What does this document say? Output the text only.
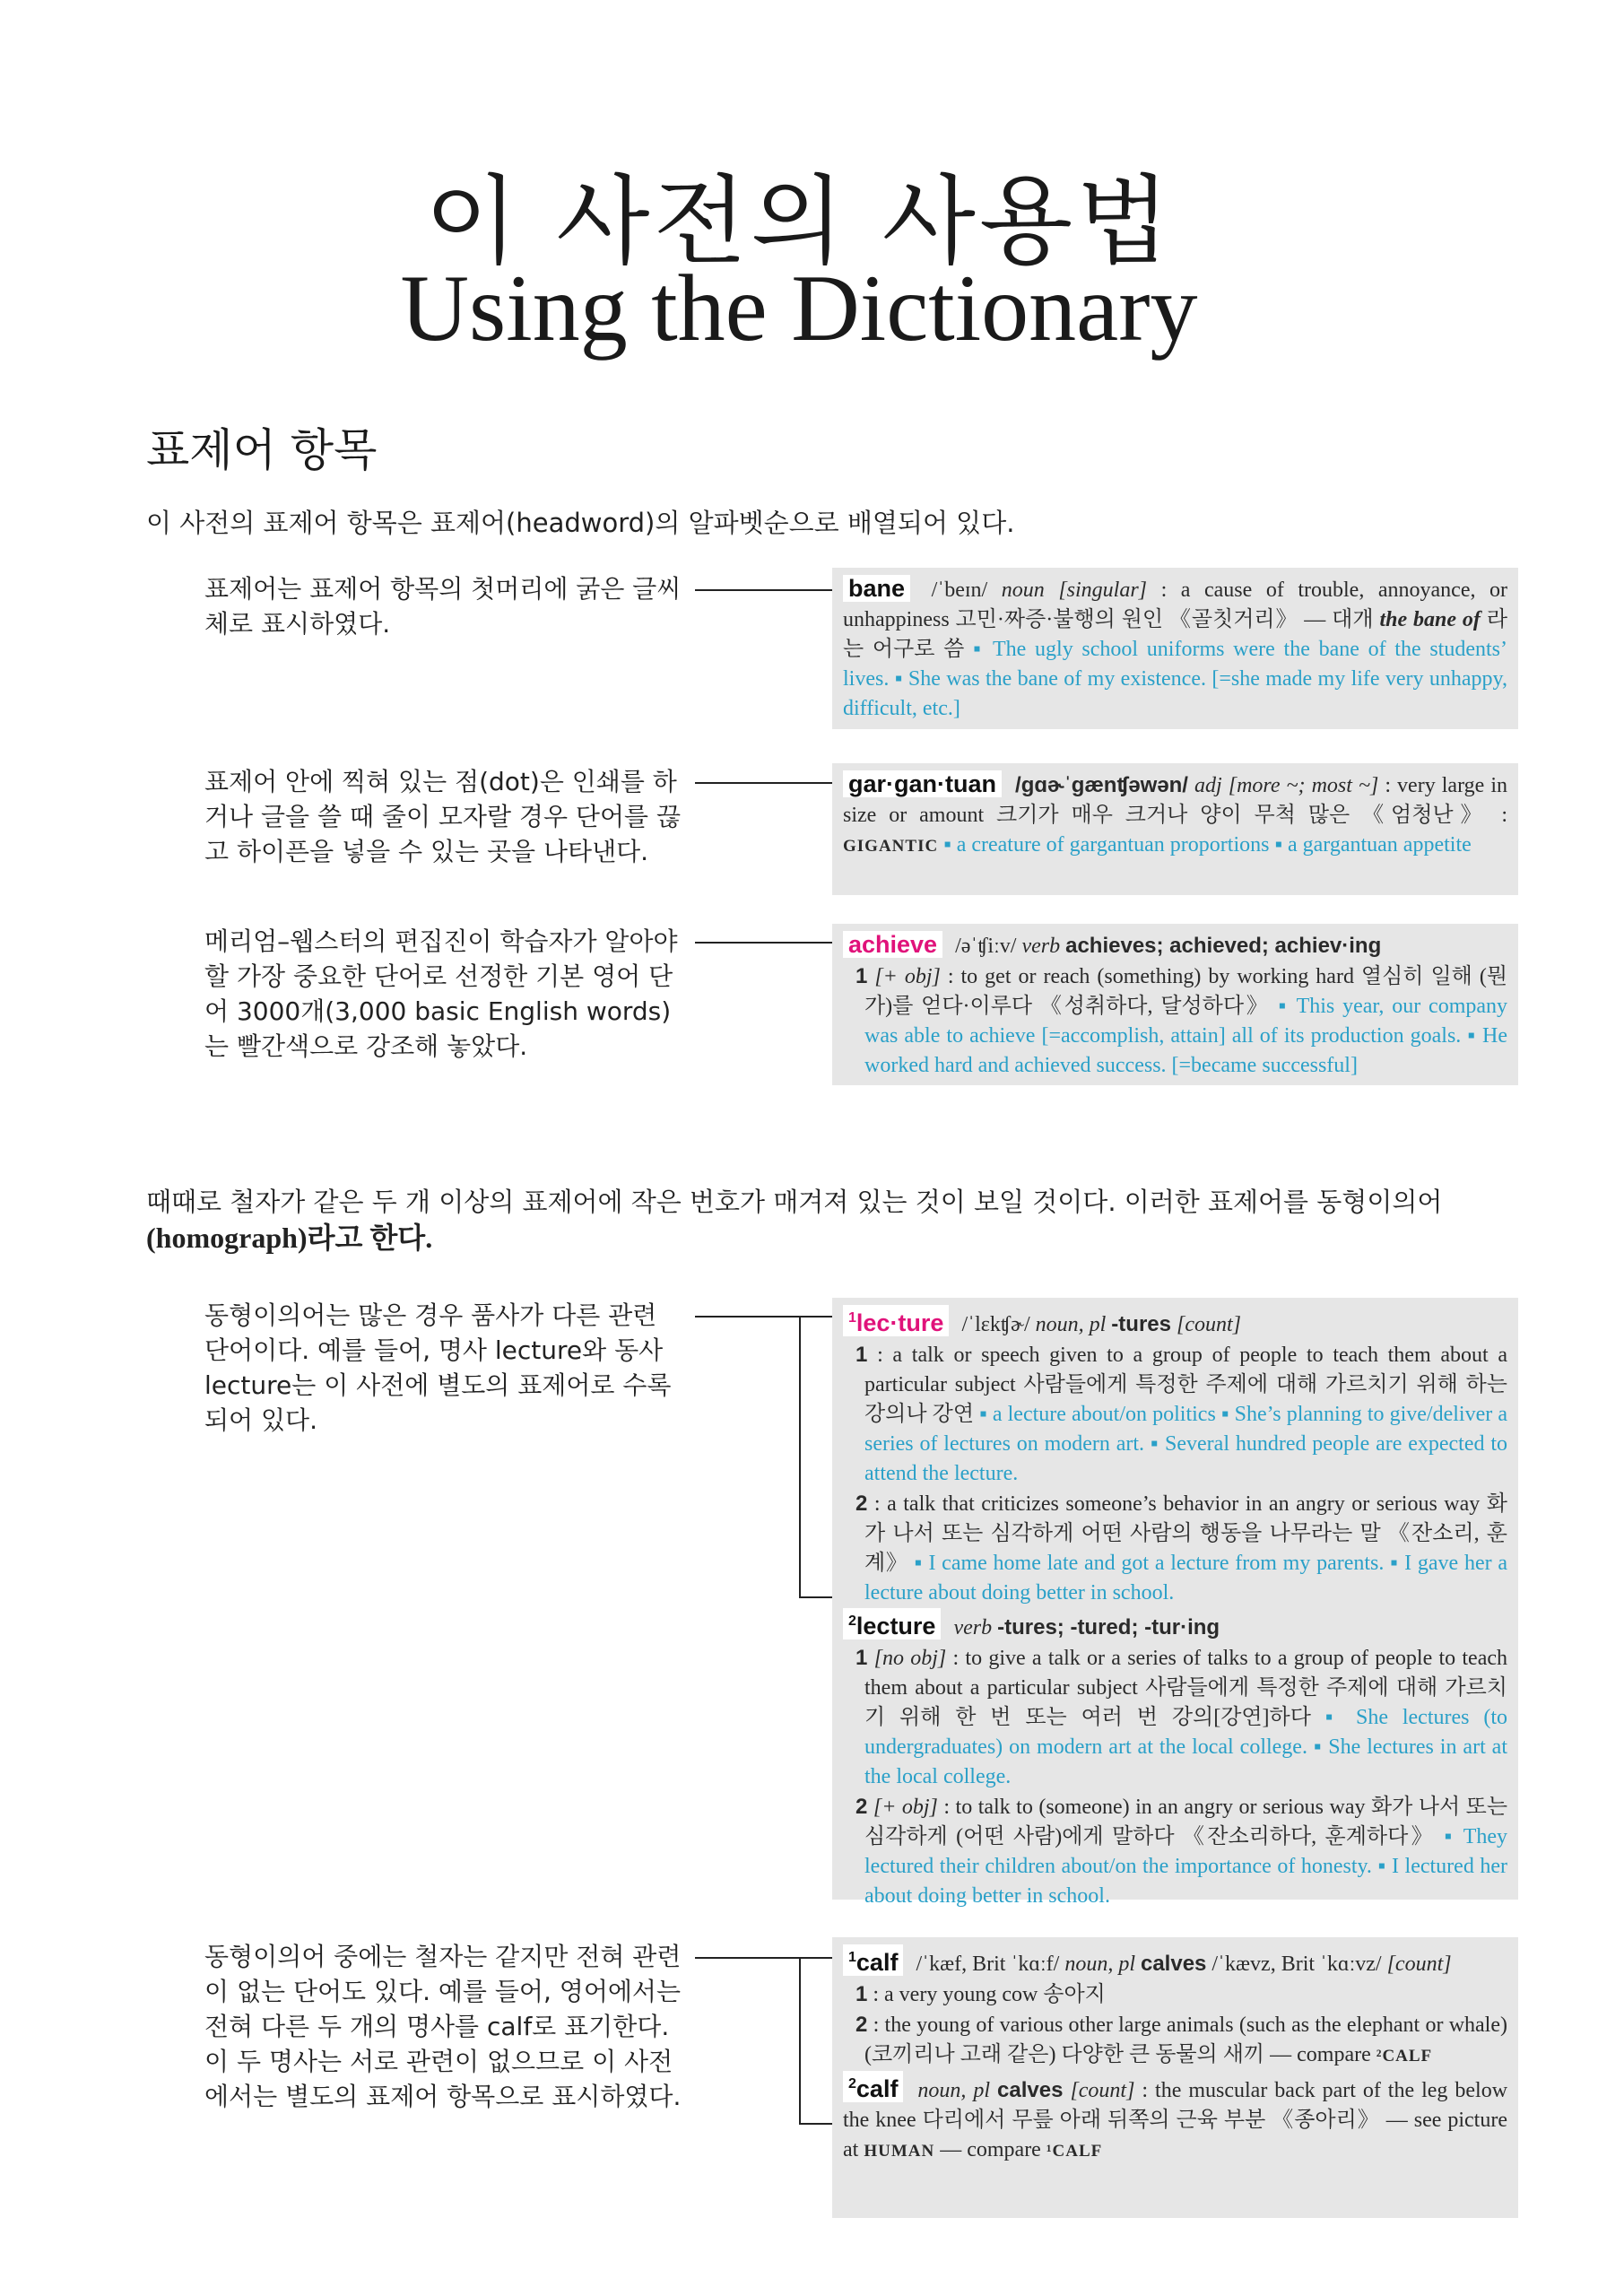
이 사전의 사용법
Using the Dictionary
표제어 항목
이 사전의 표제어 항목은 표제어(headword)의 알파벳순으로 배열되어 있다.
표제어는 표제어 항목의 첫머리에 굵은 글씨체로 표시하였다.
bane /ˈbeɪn/ noun [singular] : a cause of trouble, annoyance, or unhappiness 고민·짜증·불행의 원인 《골칫거리》 — 대개 the bane of 라는 어구로 씀 ▪ The ugly school uniforms were the bane of the students’ lives. ▪ She was the bane of my existence. [=she made my life very unhappy, difficult, etc.]
표제어 안에 찍혀 있는 점(dot)은 인쇄를 하거나 글을 쓸 때 줄이 모자랄 경우 단어를 끊고 하이픈을 넣을 수 있는 곳을 나타낸다.
gar·gan·tuan /gɑɚˈgænʧəwən/ adj [more ~; most ~] : very large in size or amount 크기가 매우 크거나 양이 무척 많은 《엄청난》 : GIGANTIC ▪ a creature of gargantuan proportions ▪ a gargantuan appetite
메리엄–웹스터의 편집진이 학습자가 알아야 할 가장 중요한 단어로 선정한 기본 영어 단어 3000개(3,000 basic English words)는 빨간색으로 강조해 놓았다.
achieve /əˈʧiːv/ verb achieves; achieved; achiev·ing

1 [+ obj] : to get or reach (something) by working hard 열심히 일해 (뭔가)를 얻다·이루다 《성취하다, 달성하다》 ▪ This year, our company was able to achieve [=accomplish, attain] all of its production goals. ▪ He worked hard and achieved success. [=became successful]
때때로 철자가 같은 두 개 이상의 표제어에 작은 번호가 매겨져 있는 것이 보일 것이다. 이러한 표제어를 동형이의어
(homograph)라고 한다.
동형이의어는 많은 경우 품사가 다른 관련 단어이다. 예를 들어, 명사 lecture와 동사 lecture는 이 사전에 별도의 표제어로 수록되어 있다.
$^1$lec·ture /ˈlɛkʧɚ/ noun, pl -tures [count]
1 : a talk or speech given to a group of people to teach them about a particular subject 사람들에게 특정한 주제에 대해 가르치기 위해 하는 강의나 강연 ▪ a lecture about/on politics ▪ She’s planning to give/deliver a series of lectures on modern art. ▪ Several hundred people are expected to attend the lecture.
2 : a talk that criticizes someone’s behavior in an angry or serious way 화가 나서 또는 심각하게 어떤 사람의 행동을 나무라는 말 《잔소리, 훈계》 ▪ I came home late and got a lecture from my parents. ▪ I gave her a lecture about doing better in school.
$^2$lecture verb -tures; -tured; -tur·ing
1 [no obj] : to give a talk or a series of talks to a group of people to teach them about a particular subject 사람들에게 특정한 주제에 대해 가르치기 위해 한 번 또는 여러 번 강의[강연]하다 ▪ She lectures (to undergraduates) on modern art at the local college. ▪ She lectures in art at the local college.
2 [+ obj] : to talk to (someone) in an angry or serious way 화가 나서 또는 심각하게 (어떤 사람)에게 말하다 《잔소리하다, 훈계하다》 ▪ They lectured their children about/on the importance of honesty. ▪ I lectured her about doing better in school.
동형이의어 중에는 철자는 같지만 전혀 관련이 없는 단어도 있다. 예를 들어, 영어에서는 전혀 다른 두 개의 명사를 calf로 표기한다. 이 두 명사는 서로 관련이 없으므로 이 사전에서는 별도의 표제어 항목으로 표시하였다.
$^1$calf /ˈkæf, Brit ˈkɑːf/ noun, pl calves /ˈkævz, Brit ˈkɑːvz/ [count]
1 : a very young cow 송아지
2 : the young of various other large animals (such as the elephant or whale) (코끼리나 고래 같은) 다양한 큰 동물의 새끼 — compare ²CALF
$^2$calf noun, pl calves [count] : the muscular back part of the leg below the knee 다리에서 무릎 아래 뒤쪽의 근육 부분 《종아리》 — see picture at HUMAN — compare ¹CALF
